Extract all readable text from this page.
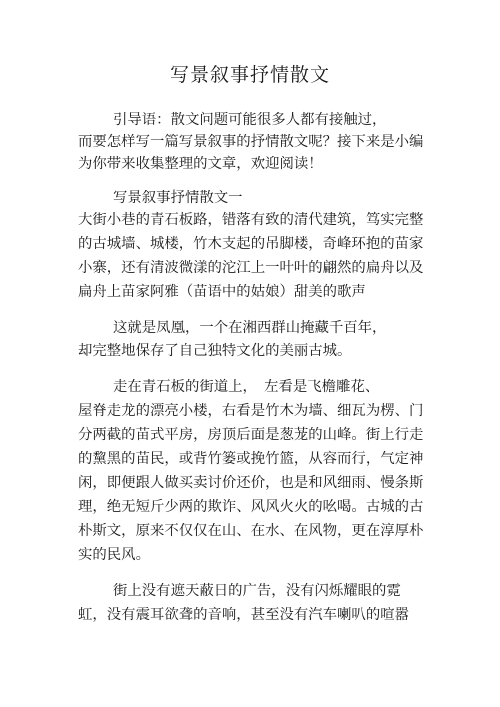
写景叙事抒情散文
引导语：散文问题可能很多人都有接触过，
而要怎样写一篇写景叙事的抒情散文呢？接下来是小编
为你带来收集整理的文章，欢迎阅读！
写景叙事抒情散文一
大街小巷的青石板路，错落有致的清代建筑，笃实完整
的古城墙、城楼，竹木支起的吊脚楼，奇峰环抱的苗家
小寨，还有清波微漾的沱江上一叶叶的翩然的扁舟以及
扁舟上苗家阿雅（苗语中的姑娘）甜美的歌声
这就是凤凰，一个在湘西群山掩藏千百年，
却完整地保存了自己独特文化的美丽古城。
走在青石板的街道上，　左看是飞檐雕花、
屋脊走龙的漂亮小楼，右看是竹木为墙、细瓦为楞、门
分两截的苗式平房，房顶后面是葱茏的山峰。街上行走
的黧黑的苗民，或背竹篓或挽竹篮，从容而行，气定神
闲，即便跟人做买卖讨价还价，也是和风细雨、慢条斯
理，绝无短斤少两的欺诈、风风火火的吆喝。古城的古
朴斯文，原来不仅仅在山、在水、在风物，更在淳厚朴
实的民风。
街上没有遮天蔽日的广告，没有闪烁耀眼的霓
虹，没有震耳欲聋的音响，甚至没有汽车喇叭的喧嚣
